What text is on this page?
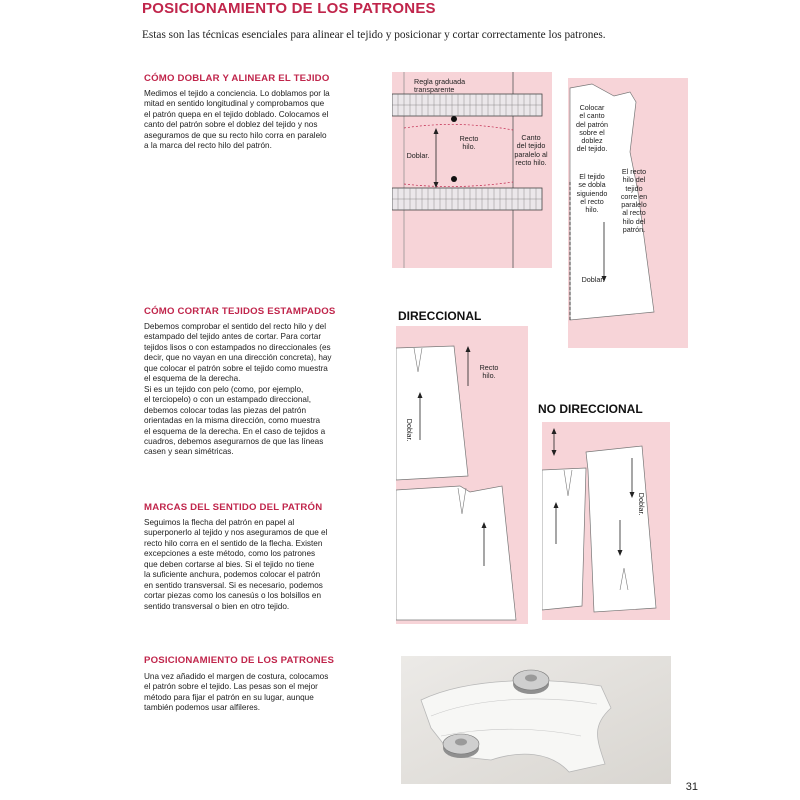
POSICIONAMIENTO DE LOS PATRONES
Estas son las técnicas esenciales para alinear el tejido y posicionar y cortar correctamente los patrones.
CÓMO DOBLAR Y ALINEAR EL TEJIDO
Medimos el tejido a conciencia. Lo doblamos por la
mitad en sentido longitudinal y comprobamos que
el patrón quepa en el tejido doblado. Colocamos el
canto del patrón sobre el doblez del tejido y nos
aseguramos de que su recto hilo corra en paralelo
a la marca del recto hilo del patrón.
CÓMO CORTAR TEJIDOS ESTAMPADOS
Debemos comprobar el sentido del recto hilo y del
estampado del tejido antes de cortar. Para cortar
tejidos lisos o con estampados no direccionales (es
decir, que no vayan en una dirección concreta), hay
que colocar el patrón sobre el tejido como muestra
el esquema de la derecha.
Si es un tejido con pelo (como, por ejemplo,
el terciopelo) o con un estampado direccional,
debemos colocar todas las piezas del patrón
orientadas en la misma dirección, como muestra
el esquema de la derecha. En el caso de tejidos a
cuadros, debemos asegurarnos de que las líneas
casen y sean simétricas.
MARCAS DEL SENTIDO DEL PATRÓN
Seguimos la flecha del patrón en papel al
superponerlo al tejido y nos aseguramos de que el
recto hilo corra en el sentido de la flecha. Existen
excepciones a este método, como los patrones
que deben cortarse al bies. Si el tejido no tiene
la suficiente anchura, podemos colocar el patrón
en sentido transversal. Si es necesario, podemos
cortar piezas como los canesús o los bolsillos en
sentido transversal o bien en otro tejido.
POSICIONAMIENTO DE LOS PATRONES
Una vez añadido el margen de costura, colocamos
el patrón sobre el tejido. Las pesas son el mejor
método para fijar el patrón en su lugar, aunque
también podemos usar alfileres.
Regla graduada
transparente
Recto
hilo.
Doblar.
Canto
del tejido
paralelo al
recto hilo.
Colocar
el canto
del patrón
sobre el
doblez
del tejido.
El tejido
se dobla
siguiendo
el recto
hilo.
El recto
hilo del
tejido
corre en
paralelo
al recto
hilo del
patrón.
Doblar.
DIRECCIONAL
NO DIRECCIONAL
Recto
hilo.
Doblar.
Doblar.
31
